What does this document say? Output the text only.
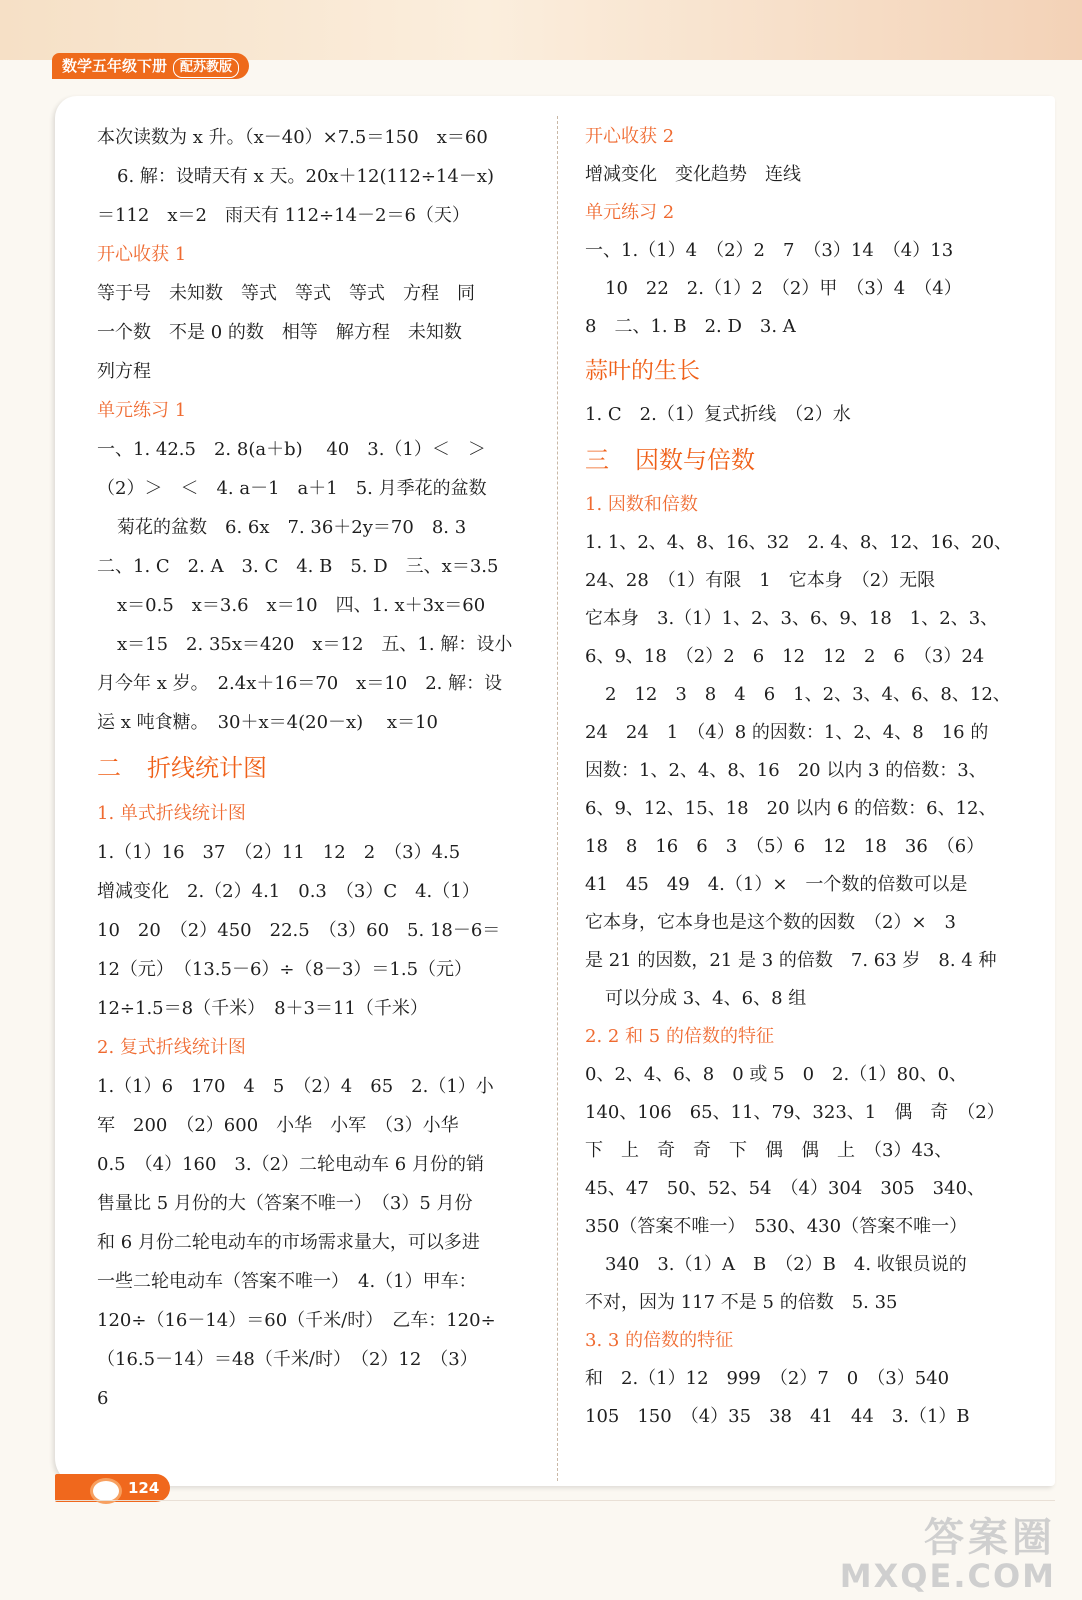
数学五年级下册 配苏教版
本次读数为 x 升。（x－40）×7.5＝150　x＝60
6. 解：设晴天有 x 天。20x＋12(112÷14－x)
＝112　x＝2　雨天有 112÷14－2＝6（天）
开心收获 1
等于号　未知数　等式　等式　等式　方程　同
一个数　不是 0 的数　相等　解方程　未知数
列方程
单元练习 1
一、1. 42.5　2. 8(a＋b)　 40　3.（1）＜　＞
（2）＞　＜　4. a－1　a＋1　5. 月季花的盆数
菊花的盆数　6. 6x　7. 36＋2y＝70　8. 3
二、1. C　2. A　3. C　4. B　5. D　三、x＝3.5
x＝0.5　x＝3.6　x＝10　四、1. x＋3x＝60
x＝15　2. 35x＝420　x＝12　五、1. 解：设小
月今年 x 岁。　2.4x＋16＝70　x＝10　2. 解：设
运 x 吨食糖。　30＋x＝4(20－x)　 x＝10
二 折线统计图
1. 单式折线统计图
1.（1）16　37　（2）11　12　2　（3）4.5
增减变化　2.（2）4.1　0.3　（3）C　4.（1）
10　20　（2）450　22.5　（3）60　5. 18－6＝
12（元）　（13.5－6）÷（8－3）＝1.5（元）
12÷1.5＝8（千米）　8＋3＝11（千米）
2. 复式折线统计图
1.（1）6　170　4　5　（2）4　65　2.（1）小
军　200　（2）600　小华　小军　（3）小华
0.5　（4）160　3.（2）二轮电动车 6 月份的销
售量比 5 月份的大（答案不唯一）　（3）5 月份
和 6 月份二轮电动车的市场需求量大，可以多进
一些二轮电动车（答案不唯一）　4.（1）甲车：
120÷（16－14）＝60（千米/时）　乙车：120÷
（16.5－14）＝48（千米/时）　（2）12　（3）
6
开心收获 2
增减变化　变化趋势　连线
单元练习 2
一、1.（1）4　（2）2　7　（3）14　（4）13
10　22　2.（1）2　（2）甲　（3）4　（4）
8　二、1. B　2. D　3. A
蒜叶的生长
1. C　2.（1）复式折线　（2）水
三 因数与倍数
1. 因数和倍数
1. 1、2、4、8、16、32　2. 4、8、12、16、20、
24、28　（1）有限　1　它本身　（2）无限
它本身　3.（1）1、2、3、6、9、18　1、2、3、
6、9、18　（2）2　6　12　12　2　6　（3）24
2　12　3　8　4　6　1、2、3、4、6、8、12、
24　24　1　（4）8 的因数：1、2、4、8　16 的
因数：1、2、4、8、16　20 以内 3 的倍数：3、
6、9、12、15、18　20 以内 6 的倍数：6、12、
18　8　16　6　3　（5）6　12　18　36　（6）
41　45　49　4.（1）×　一个数的倍数可以是
它本身，它本身也是这个数的因数　（2）×　3
是 21 的因数，21 是 3 的倍数　7. 63 岁　8. 4 种
可以分成 3、4、6、8 组
2. 2 和 5 的倍数的特征
0、2、4、6、8　0 或 5　0　2.（1）80、0、
140、106　65、11、79、323、1　偶　奇　（2）
下　上　奇　奇　下　偶　偶　上　（3）43、
45、47　50、52、54　（4）304　305　340、
350（答案不唯一）　530、430（答案不唯一）
340　3.（1）A　B　（2）B　4. 收银员说的
不对，因为 117 不是 5 的倍数　5. 35
3. 3 的倍数的特征
和　2.（1）12　999　（2）7　0　（3）540
105　150　（4）35　38　41　44　3.（1）B
124
答案圈
MXQE.COM
